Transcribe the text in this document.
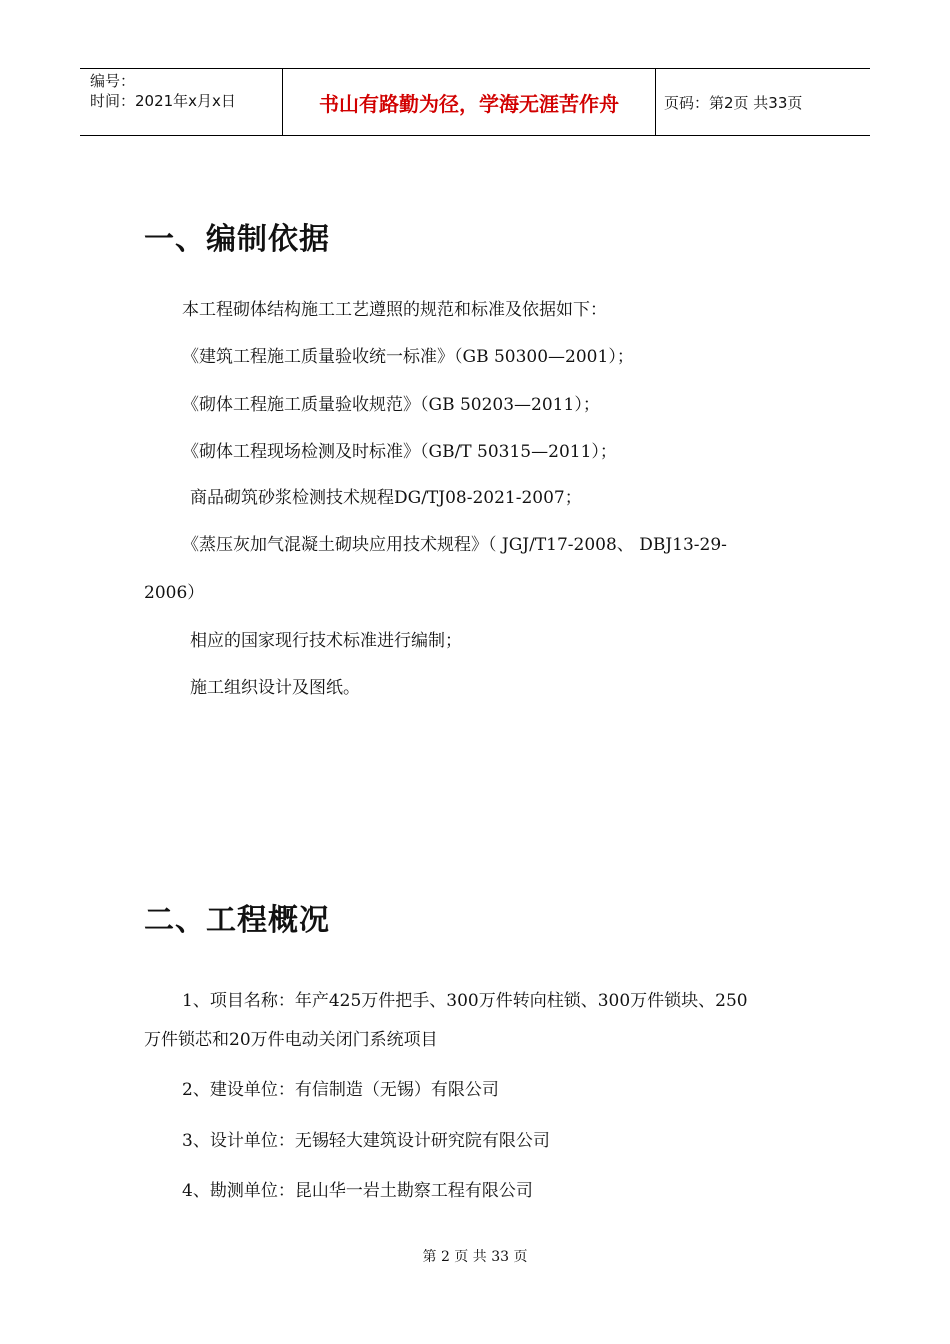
编号：
时间：2021年x月x日	书山有路勤为径，学海无涯苦作舟	页码：第2页 共33页
一、编制依据
本工程砌体结构施工工艺遵照的规范和标准及依据如下：
《建筑工程施工质量验收统一标准》（GB 50300—2001）；
《砌体工程施工质量验收规范》（GB 50203—2011）；
《砌体工程现场检测及时标准》（GB/T 50315—2011）；
商品砌筑砂浆检测技术规程DG/TJ08-2021-2007；
《蒸压灰加气混凝土砌块应用技术规程》（ JGJ/T17-2008、 DBJ13-29-
2006）
相应的国家现行技术标准进行编制；
施工组织设计及图纸。
二、工程概况
1、项目名称：年产425万件把手、300万件转向柱锁、300万件锁块、250
万件锁芯和20万件电动关闭门系统项目
2、建设单位：有信制造（无锡）有限公司
3、设计单位：无锡轻大建筑设计研究院有限公司
4、勘测单位：昆山华一岩土勘察工程有限公司
第 2 页 共 33 页
